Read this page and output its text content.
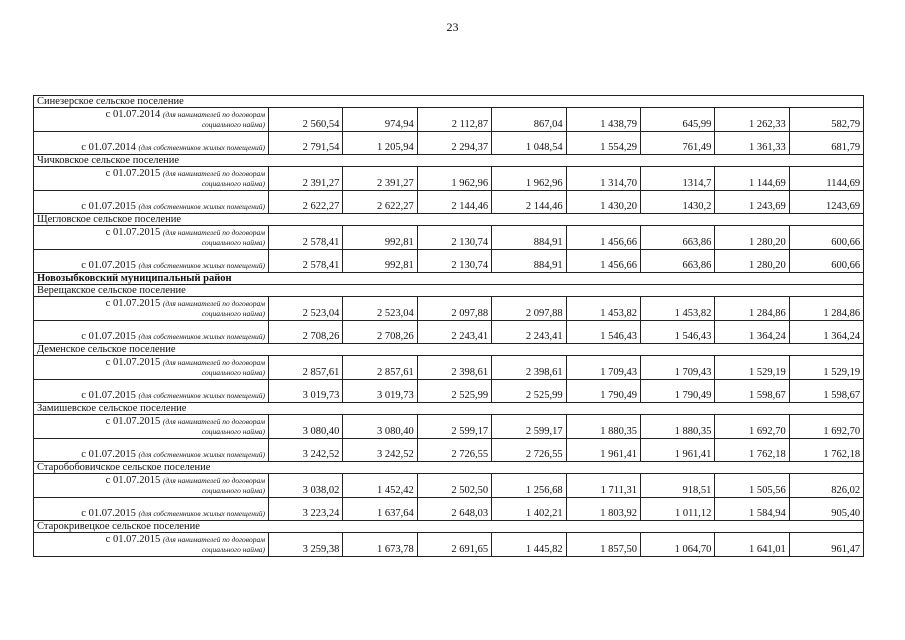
23
Синезерское сельское поселение								

с 01.07.2014 (для нанимателей по договорам
социального найма)	2 560,54	974,94	2 112,87	867,04	1 438,79	645,99	1 262,33	582,79
с 01.07.2014 (для собственников жилых помещений)	2 791,54	1 205,94	2 294,37	1 048,54	1 554,29	761,49	1 361,33	681,79
Чичковское сельское поселение								

с 01.07.2015 (для нанимателей по договорам
социального найма)	2 391,27	2 391,27	1 962,96	1 962,96	1 314,70	1314,7	1 144,69	1144,69
с 01.07.2015 (для собственников жилых помещений)	2 622,27	2 622,27	2 144,46	2 144,46	1 430,20	1430,2	1 243,69	1243,69
Щегловское сельское поселение								

с 01.07.2015 (для нанимателей по договорам
социального найма)	2 578,41	992,81	2 130,74	884,91	1 456,66	663,86	1 280,20	600,66
с 01.07.2015 (для собственников жилых помещений)	2 578,41	992,81	2 130,74	884,91	1 456,66	663,86	1 280,20	600,66
Новозыбковский муниципальный район								
Верещакское сельское поселение								

с 01.07.2015 (для нанимателей по договорам
социального найма)	2 523,04	2 523,04	2 097,88	2 097,88	1 453,82	1 453,82	1 284,86	1 284,86
с 01.07.2015 (для собственников жилых помещений)	2 708,26	2 708,26	2 243,41	2 243,41	1 546,43	1 546,43	1 364,24	1 364,24
Деменское сельское поселение								

с 01.07.2015 (для нанимателей по договорам
социального найма)	2 857,61	2 857,61	2 398,61	2 398,61	1 709,43	1 709,43	1 529,19	1 529,19
с 01.07.2015 (для собственников жилых помещений)	3 019,73	3 019,73	2 525,99	2 525,99	1 790,49	1 790,49	1 598,67	1 598,67
Замишевское сельское поселение								

с 01.07.2015 (для нанимателей по договорам
социального найма)	3 080,40	3 080,40	2 599,17	2 599,17	1 880,35	1 880,35	1 692,70	1 692,70
с 01.07.2015 (для собственников жилых помещений)	3 242,52	3 242,52	2 726,55	2 726,55	1 961,41	1 961,41	1 762,18	1 762,18
Старобобовичское сельское поселение								

с 01.07.2015 (для нанимателей по договорам
социального найма)	3 038,02	1 452,42	2 502,50	1 256,68	1 711,31	918,51	1 505,56	826,02
с 01.07.2015 (для собственников жилых помещений)	3 223,24	1 637,64	2 648,03	1 402,21	1 803,92	1 011,12	1 584,94	905,40
Старокривецкое сельское поселение								

с 01.07.2015 (для нанимателей по договорам
социального найма)	3 259,38	1 673,78	2 691,65	1 445,82	1 857,50	1 064,70	1 641,01	961,47
